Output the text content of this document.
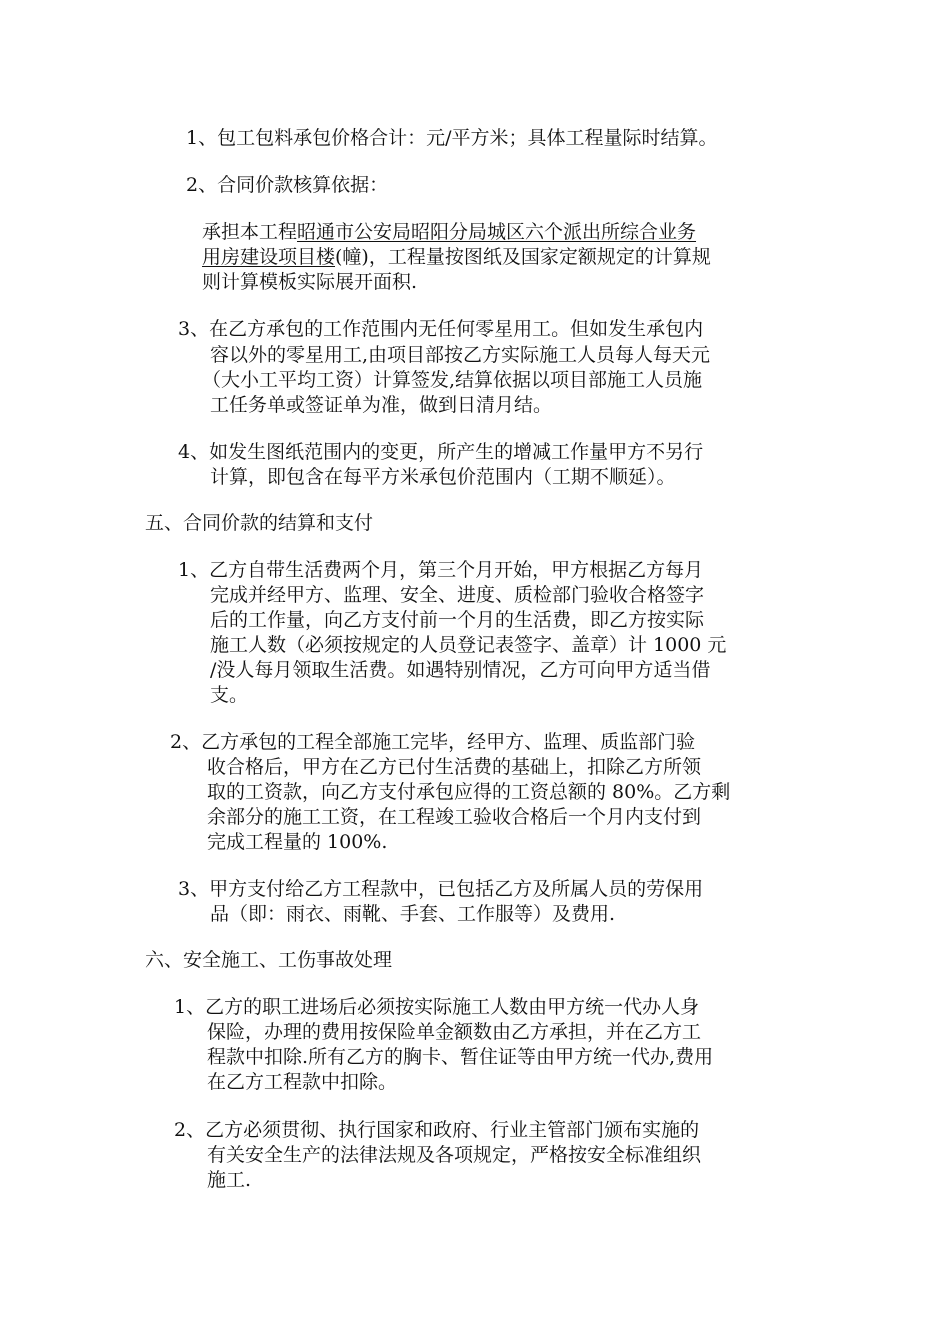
1、包工包料承包价格合计：元/平方米；具体工程量际时结算。
2、合同价款核算依据：
承担本工程昭通市公安局昭阳分局城区六个派出所综合业务
用房建设项目楼(幢)，工程量按图纸及国家定额规定的计算规
则计算模板实际展开面积.
3、在乙方承包的工作范围内无任何零星用工。但如发生承包内
容以外的零星用工,由项目部按乙方实际施工人员每人每天元
（大小工平均工资）计算签发,结算依据以项目部施工人员施
工任务单或签证单为准，做到日清月结。
4、如发生图纸范围内的变更，所产生的增减工作量甲方不另行
计算，即包含在每平方米承包价范围内（工期不顺延）。
五、合同价款的结算和支付
1、乙方自带生活费两个月，第三个月开始，甲方根据乙方每月
完成并经甲方、监理、安全、进度、质检部门验收合格签字
后的工作量，向乙方支付前一个月的生活费，即乙方按实际
施工人数（必须按规定的人员登记表签字、盖章）计 1000 元
/没人每月领取生活费。如遇特别情况，乙方可向甲方适当借
支。
2、乙方承包的工程全部施工完毕，经甲方、监理、质监部门验
收合格后，甲方在乙方已付生活费的基础上，扣除乙方所领
取的工资款，向乙方支付承包应得的工资总额的 80%。乙方剩
余部分的施工工资，在工程竣工验收合格后一个月内支付到
完成工程量的 100%.
3、甲方支付给乙方工程款中，已包括乙方及所属人员的劳保用
品（即：雨衣、雨靴、手套、工作服等）及费用.
六、安全施工、工伤事故处理
1、乙方的职工进场后必须按实际施工人数由甲方统一代办人身
保险，办理的费用按保险单金额数由乙方承担，并在乙方工
程款中扣除.所有乙方的胸卡、暂住证等由甲方统一代办,费用
在乙方工程款中扣除。
2、乙方必须贯彻、执行国家和政府、行业主管部门颁布实施的
有关安全生产的法律法规及各项规定，严格按安全标准组织
施工.
